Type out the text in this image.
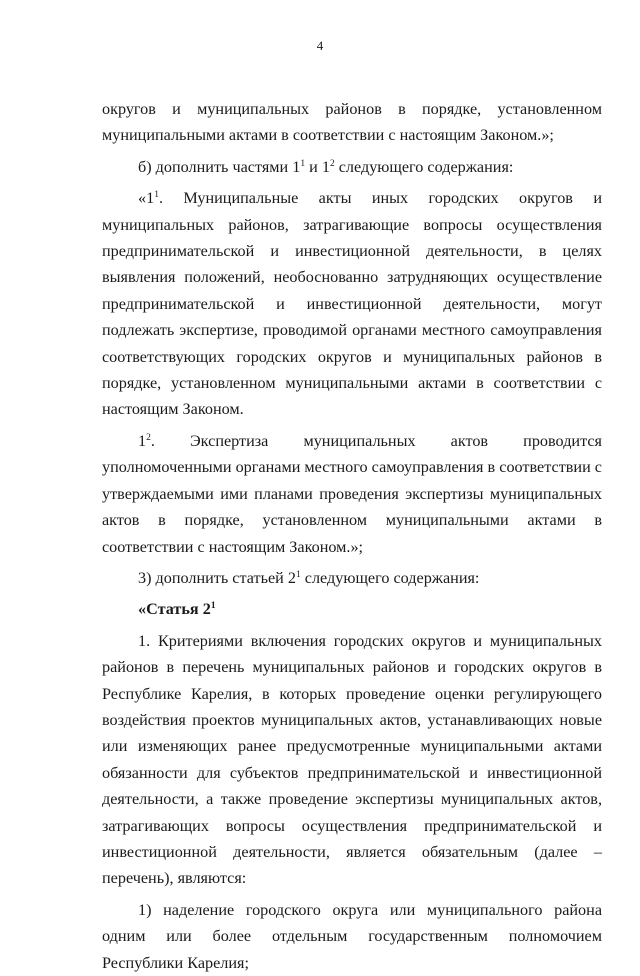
4

округов и муниципальных районов в порядке, установленном муниципальными актами в соответствии с настоящим Законом.»;

б) дополнить частями $1^1$ и $1^2$ следующего содержания:

«$1^1$. Муниципальные акты иных городских округов и муниципальных районов, затрагивающие вопросы осуществления предпринимательской и инвестиционной деятельности, в целях выявления положений, необоснованно затрудняющих осуществление предпринимательской и инвестиционной деятельности, могут подлежать экспертизе, проводимой органами местного самоуправления соответствующих городских округов и муниципальных районов в порядке, установленном муниципальными актами в соответствии с настоящим Законом.

$1^2$. Экспертиза муниципальных актов проводится уполномоченными органами местного самоуправления в соответствии с утверждаемыми ими планами проведения экспертизы муниципальных актов в порядке, установленном муниципальными актами в соответствии с настоящим Законом.»;

3) дополнить статьей $2^1$ следующего содержания:

«Статья $2^1$

1. Критериями включения городских округов и муниципальных районов в перечень муниципальных районов и городских округов в Республике Карелия, в которых проведение оценки регулирующего воздействия проектов муниципальных актов, устанавливающих новые или изменяющих ранее предусмотренные муниципальными актами обязанности для субъектов предпринимательской и инвестиционной деятельности, а также проведение экспертизы муниципальных актов, затрагивающих вопросы осуществления предпринимательской и инвестиционной деятельности, является обязательным (далее – перечень), являются:

1) наделение городского округа или муниципального района одним или более отдельным государственным полномочием Республики Карелия;
